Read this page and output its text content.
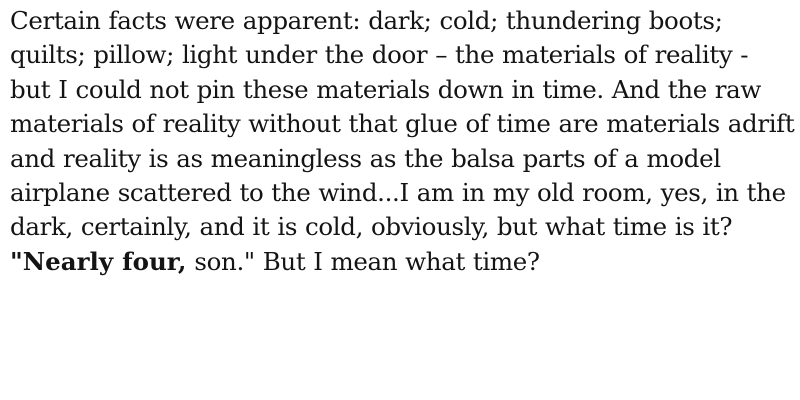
Certain facts were apparent: dark; cold; thundering boots;
quilts; pillow; light under the door – the materials of reality -
but I could not pin these materials down in time. And the raw
materials of reality without that glue of time are materials adrift
and reality is as meaningless as the balsa parts of a model
airplane scattered to the wind...I am in my old room, yes, in the
dark, certainly, and it is cold, obviously, but what time is it?
"Nearly four, son." But I mean what time?
